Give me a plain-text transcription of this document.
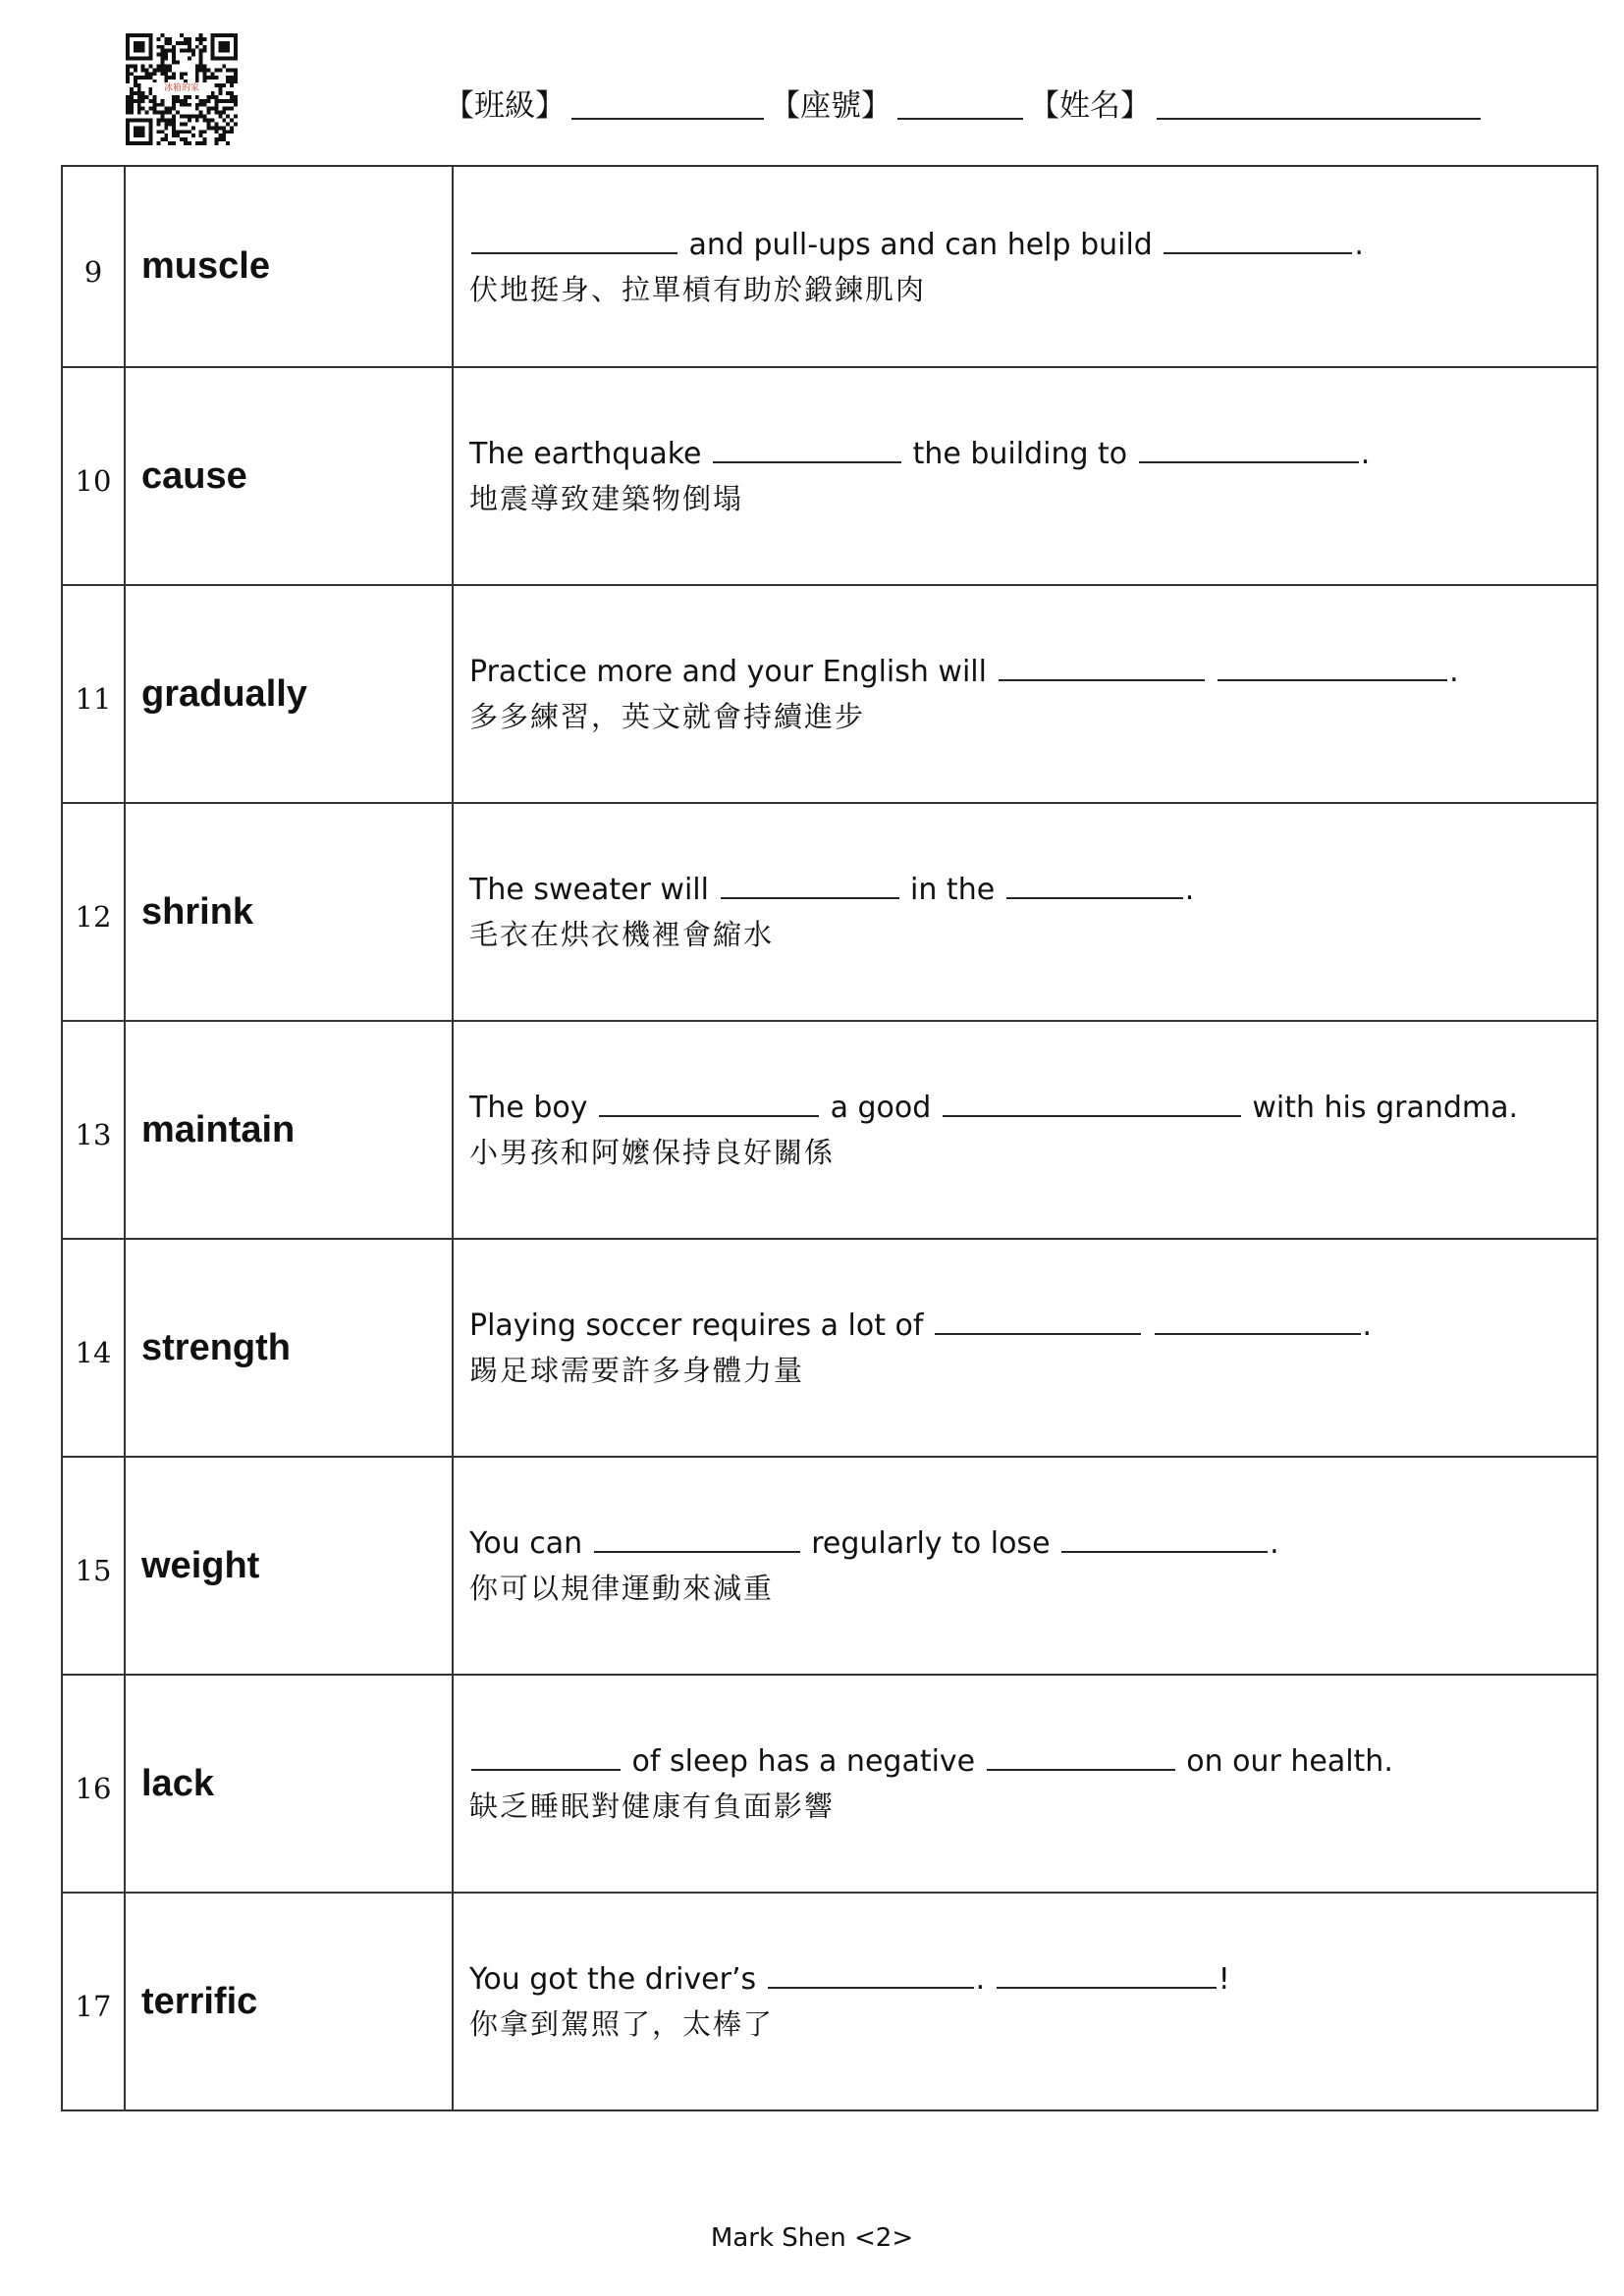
冰箱的家	【班級】	【座號】	【姓名】
9	muscle	and pull-ups and can help build .
伏地挺身、拉單槓有助於鍛鍊肌肉

10	cause	The earthquake the building to .
地震導致建築物倒塌

11	gradually	Practice more and your English will .
多多練習，英文就會持續進步

12	shrink	The sweater will in the .
毛衣在烘衣機裡會縮水

13	maintain	The boy a good with his grandma.
小男孩和阿嬤保持良好關係

14	strength	Playing soccer requires a lot of .
踢足球需要許多身體力量

15	weight	You can regularly to lose .
你可以規律運動來減重

16	lack	of sleep has a negative on our health.
缺乏睡眠對健康有負面影響

17	terrific	You got the driver’s . !
你拿到駕照了，太棒了
Mark Shen <2>
